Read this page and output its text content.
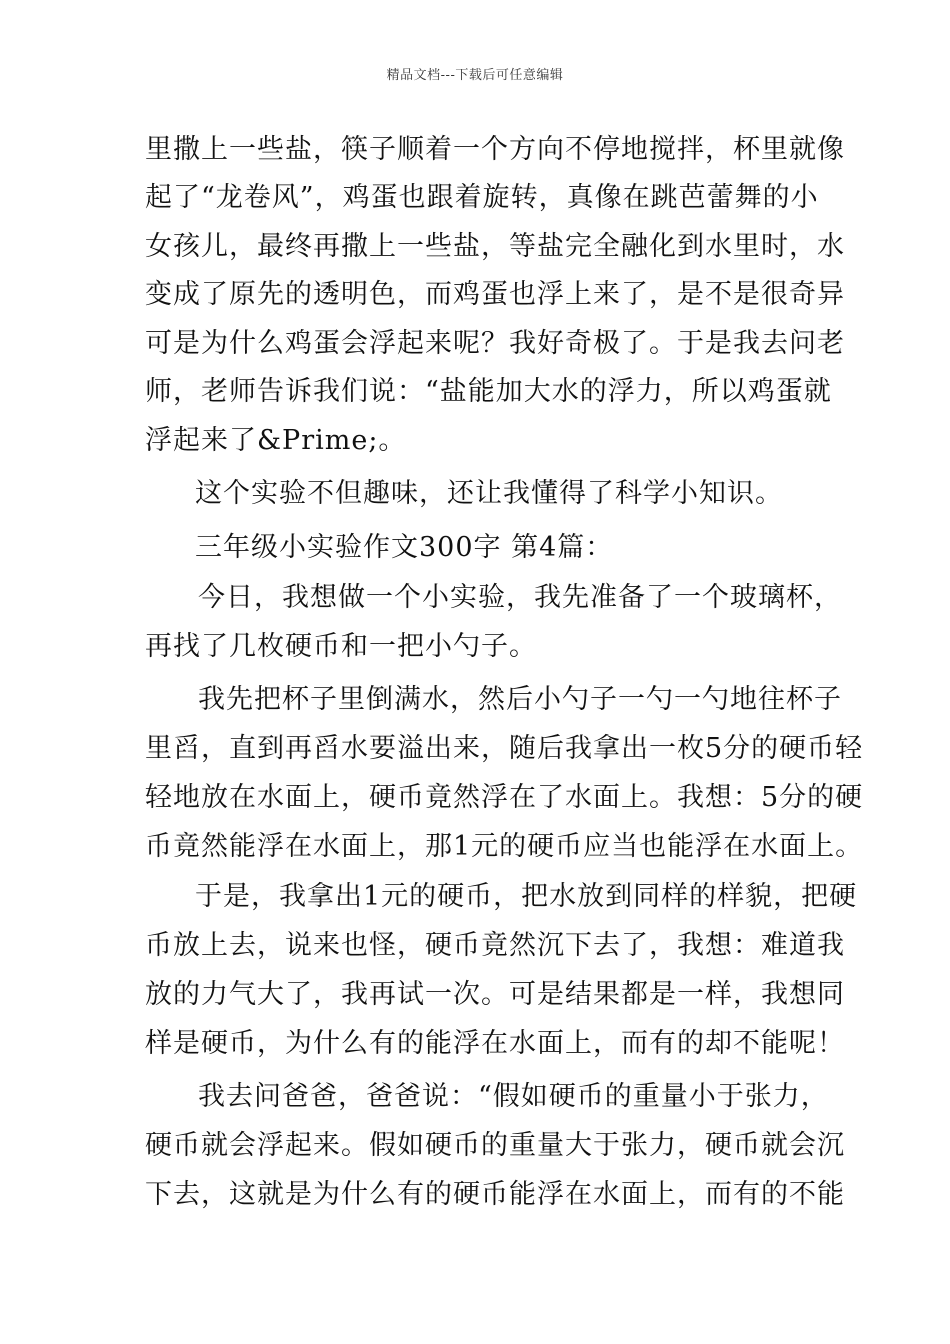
精品文档---下载后可任意编辑
里撒上一些盐，筷子顺着一个方向不停地搅拌，杯里就像
起了“龙卷风”，鸡蛋也跟着旋转，真像在跳芭蕾舞的小
女孩儿，最终再撒上一些盐，等盐完全融化到水里时，水
变成了原先的透明色，而鸡蛋也浮上来了，是不是很奇异
可是为什么鸡蛋会浮起来呢？我好奇极了。于是我去问老
师，老师告诉我们说：“盐能加大水的浮力，所以鸡蛋就
浮起来了&Prime;。
这个实验不但趣味，还让我懂得了科学小知识。
三年级小实验作文300字 第4篇：
今日，我想做一个小实验，我先准备了一个玻璃杯，
再找了几枚硬币和一把小勺子。
我先把杯子里倒满水，然后小勺子一勺一勺地往杯子
里舀，直到再舀水要溢出来，随后我拿出一枚5分的硬币轻
轻地放在水面上，硬币竟然浮在了水面上。我想：5分的硬
币竟然能浮在水面上，那1元的硬币应当也能浮在水面上。
于是，我拿出1元的硬币，把水放到同样的样貌，把硬
币放上去，说来也怪，硬币竟然沉下去了，我想：难道我
放的力气大了，我再试一次。可是结果都是一样，我想同
样是硬币，为什么有的能浮在水面上，而有的却不能呢！
我去问爸爸，爸爸说：“假如硬币的重量小于张力，
硬币就会浮起来。假如硬币的重量大于张力，硬币就会沉
下去，这就是为什么有的硬币能浮在水面上，而有的不能
